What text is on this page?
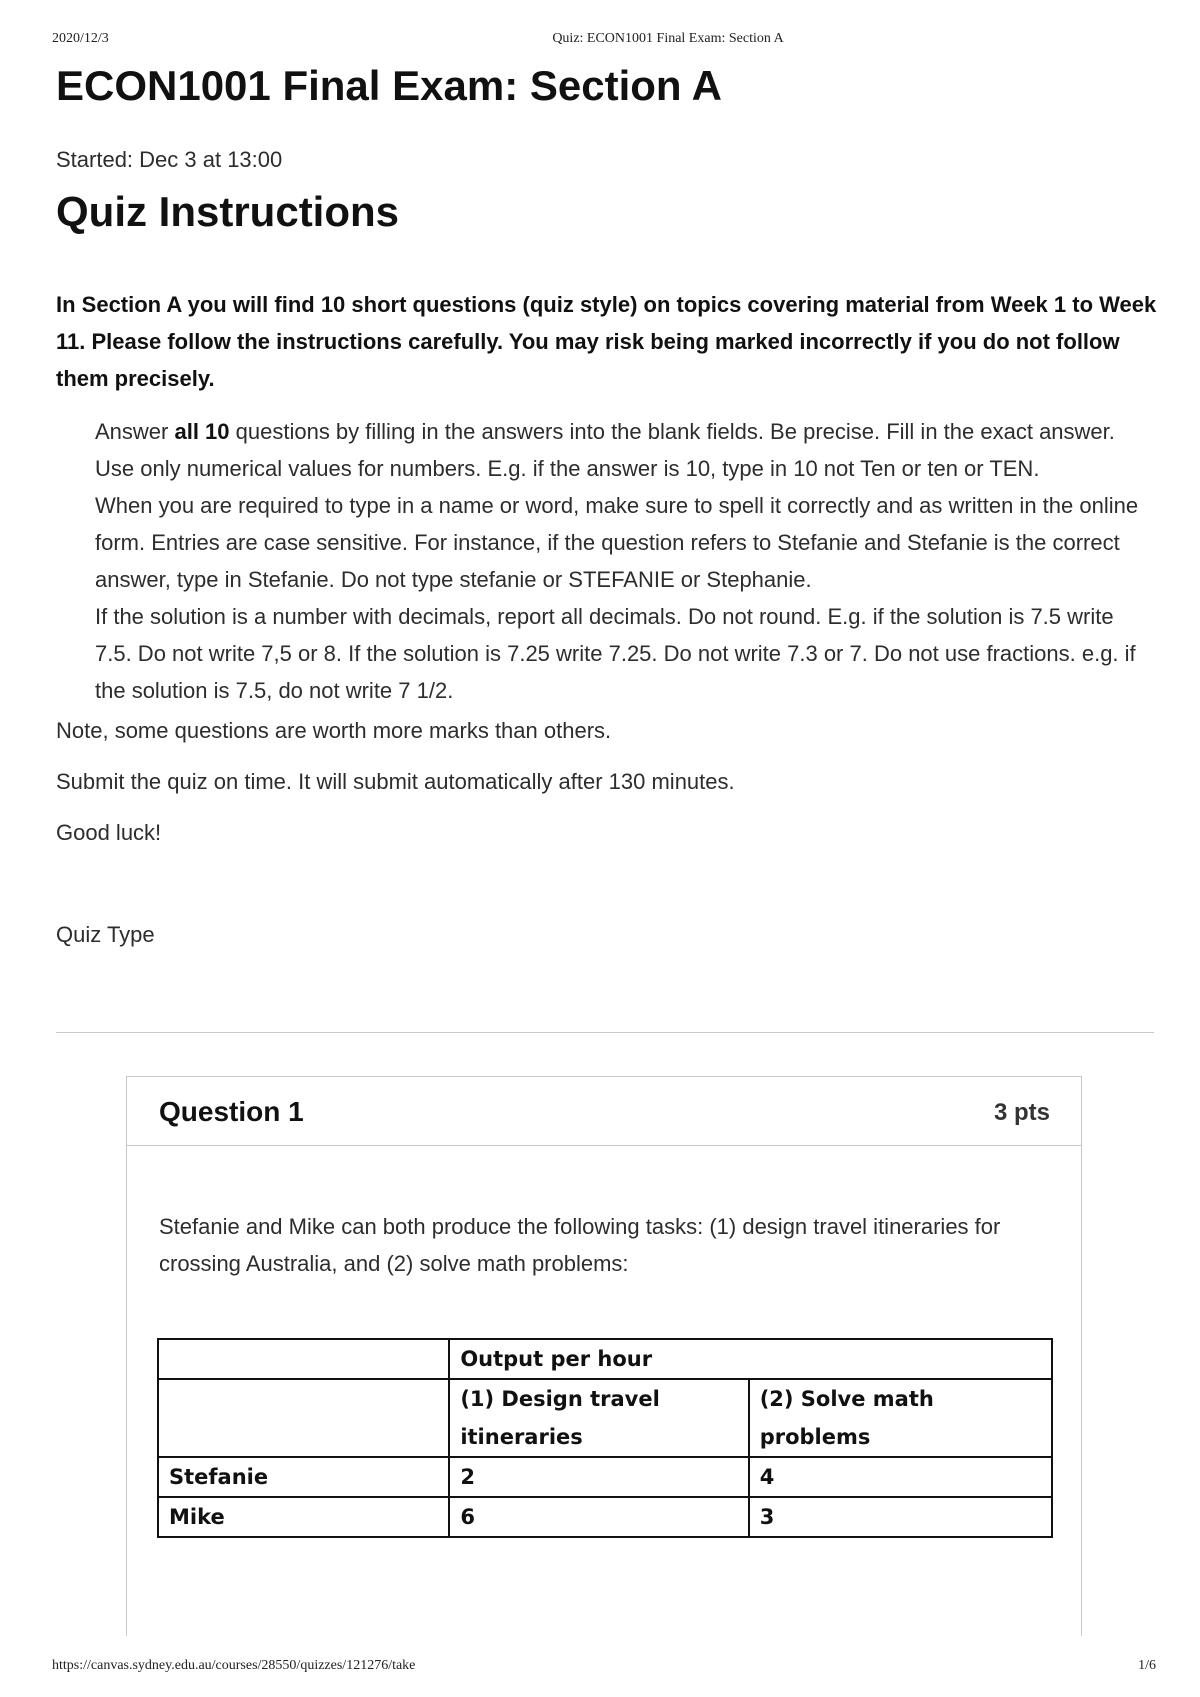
2020/12/3	Quiz: ECON1001 Final Exam: Section A
ECON1001 Final Exam: Section A
Started: Dec 3 at 13:00
Quiz Instructions

In Section A you will find 10 short questions (quiz style) on topics covering material from Week 1 to Week 11. Please follow the instructions carefully. You may risk being marked incorrectly if you do not follow them precisely.

Answer all 10 questions by filling in the answers into the blank fields. Be precise. Fill in the exact answer.
Use only numerical values for numbers. E.g. if the answer is 10, type in 10 not Ten or ten or TEN.
When you are required to type in a name or word, make sure to spell it correctly and as written in the online form. Entries are case sensitive. For instance, if the question refers to Stefanie and Stefanie is the correct answer, type in Stefanie. Do not type stefanie or STEFANIE or Stephanie.
If the solution is a number with decimals, report all decimals. Do not round. E.g. if the solution is 7.5 write 7.5. Do not write 7,5 or 8. If the solution is 7.25 write 7.25. Do not write 7.3 or 7. Do not use fractions. e.g. if the solution is 7.5, do not write 7 1/2.

Note, some questions are worth more marks than others.

Submit the quiz on time. It will submit automatically after 130 minutes.

Good luck!

Quiz Type

Question 1	3 pts

Stefanie and Mike can both produce the following tasks: (1) design travel itineraries for crossing Australia, and (2) solve math problems:

	Output per hour	
	(1) Design travel itineraries	(2) Solve math problems
Stefanie	2	4
Mike	6	3
https://canvas.sydney.edu.au/courses/28550/quizzes/121276/take	1/6
